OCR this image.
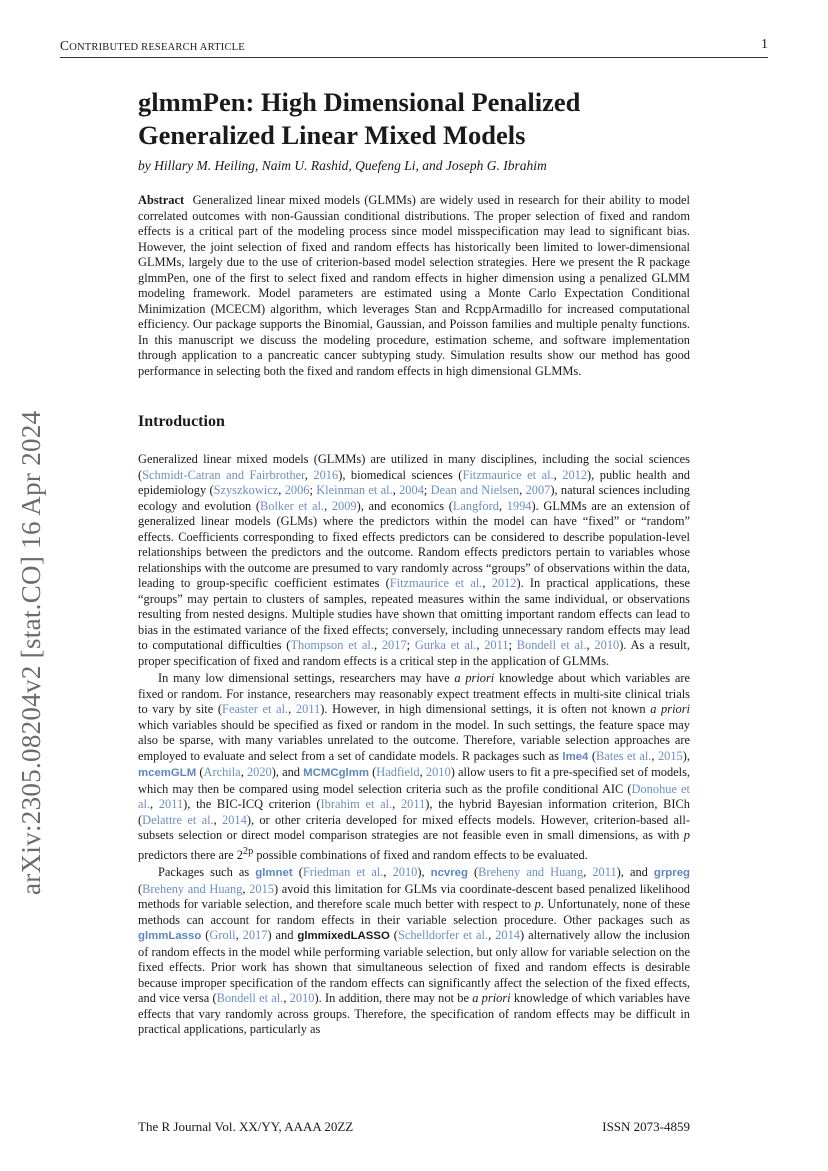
CONTRIBUTED RESEARCH ARTICLE	1
arXiv:2305.08204v2 [stat.CO] 16 Apr 2024
glmmPen: High Dimensional Penalized
Generalized Linear Mixed Models
by Hillary M. Heiling, Naim U. Rashid, Quefeng Li, and Joseph G. Ibrahim
Abstract Generalized linear mixed models (GLMMs) are widely used in research for their ability to model correlated outcomes with non-Gaussian conditional distributions. The proper selection of fixed and random effects is a critical part of the modeling process since model misspecification may lead to significant bias. However, the joint selection of fixed and random effects has historically been limited to lower-dimensional GLMMs, largely due to the use of criterion-based model selection strategies. Here we present the R package glmmPen, one of the first to select fixed and random effects in higher dimension using a penalized GLMM modeling framework. Model parameters are estimated using a Monte Carlo Expectation Conditional Minimization (MCECM) algorithm, which leverages Stan and RcppArmadillo for increased computational efficiency. Our package supports the Binomial, Gaussian, and Poisson families and multiple penalty functions. In this manuscript we discuss the modeling procedure, estimation scheme, and software implementation through application to a pancreatic cancer subtyping study. Simulation results show our method has good performance in selecting both the fixed and random effects in high dimensional GLMMs.
Introduction

Generalized linear mixed models (GLMMs) are utilized in many disciplines, including the social sciences (Schmidt-Catran and Fairbrother, 2016), biomedical sciences (Fitzmaurice et al., 2012), public health and epidemiology (Szyszkowicz, 2006; Kleinman et al., 2004; Dean and Nielsen, 2007), natural sciences including ecology and evolution (Bolker et al., 2009), and economics (Langford, 1994). GLMMs are an extension of generalized linear models (GLMs) where the predictors within the model can have “fixed” or “random” effects. Coefficients corresponding to fixed effects predictors can be considered to describe population-level relationships between the predictors and the outcome. Random effects predictors pertain to variables whose relationships with the outcome are presumed to vary randomly across “groups” of observations within the data, leading to group-specific coefficient estimates (Fitzmaurice et al., 2012). In practical applications, these “groups” may pertain to clusters of samples, repeated measures within the same individual, or observations resulting from nested designs. Multiple studies have shown that omitting important random effects can lead to bias in the estimated variance of the fixed effects; conversely, including unnecessary random effects may lead to computational difficulties (Thompson et al., 2017; Gurka et al., 2011; Bondell et al., 2010). As a result, proper specification of fixed and random effects is a critical step in the application of GLMMs.

In many low dimensional settings, researchers may have a priori knowledge about which variables are fixed or random. For instance, researchers may reasonably expect treatment effects in multi-site clinical trials to vary by site (Feaster et al., 2011). However, in high dimensional settings, it is often not known a priori which variables should be specified as fixed or random in the model. In such settings, the feature space may also be sparse, with many variables unrelated to the outcome. Therefore, variable selection approaches are employed to evaluate and select from a set of candidate models. R packages such as lme4 (Bates et al., 2015), mcemGLM (Archila, 2020), and MCMCglmm (Hadfield, 2010) allow users to fit a pre-specified set of models, which may then be compared using model selection criteria such as the profile conditional AIC (Donohue et al., 2011), the BIC-ICQ criterion (Ibrahim et al., 2011), the hybrid Bayesian information criterion, BICh (Delattre et al., 2014), or other criteria developed for mixed effects models. However, criterion-based all-subsets selection or direct model comparison strategies are not feasible even in small dimensions, as with p predictors there are $2^{2p}$ possible combinations of fixed and random effects to be evaluated.

Packages such as glmnet (Friedman et al., 2010), ncvreg (Breheny and Huang, 2011), and grpreg (Breheny and Huang, 2015) avoid this limitation for GLMs via coordinate-descent based penalized likelihood methods for variable selection, and therefore scale much better with respect to p. Unfortunately, none of these methods can account for random effects in their variable selection procedure. Other packages such as glmmLasso (Groll, 2017) and glmmixedLASSO (Schelldorfer et al., 2014) alternatively allow the inclusion of random effects in the model while performing variable selection, but only allow for variable selection on the fixed effects. Prior work has shown that simultaneous selection of fixed and random effects is desirable because improper specification of the random effects can significantly affect the selection of the fixed effects, and vice versa (Bondell et al., 2010). In addition, there may not be a priori knowledge of which variables have effects that vary randomly across groups. Therefore, the specification of random effects may be difficult in practical applications, particularly as

The R Journal Vol. XX/YY, AAAA 20ZZ	ISSN 2073-4859
